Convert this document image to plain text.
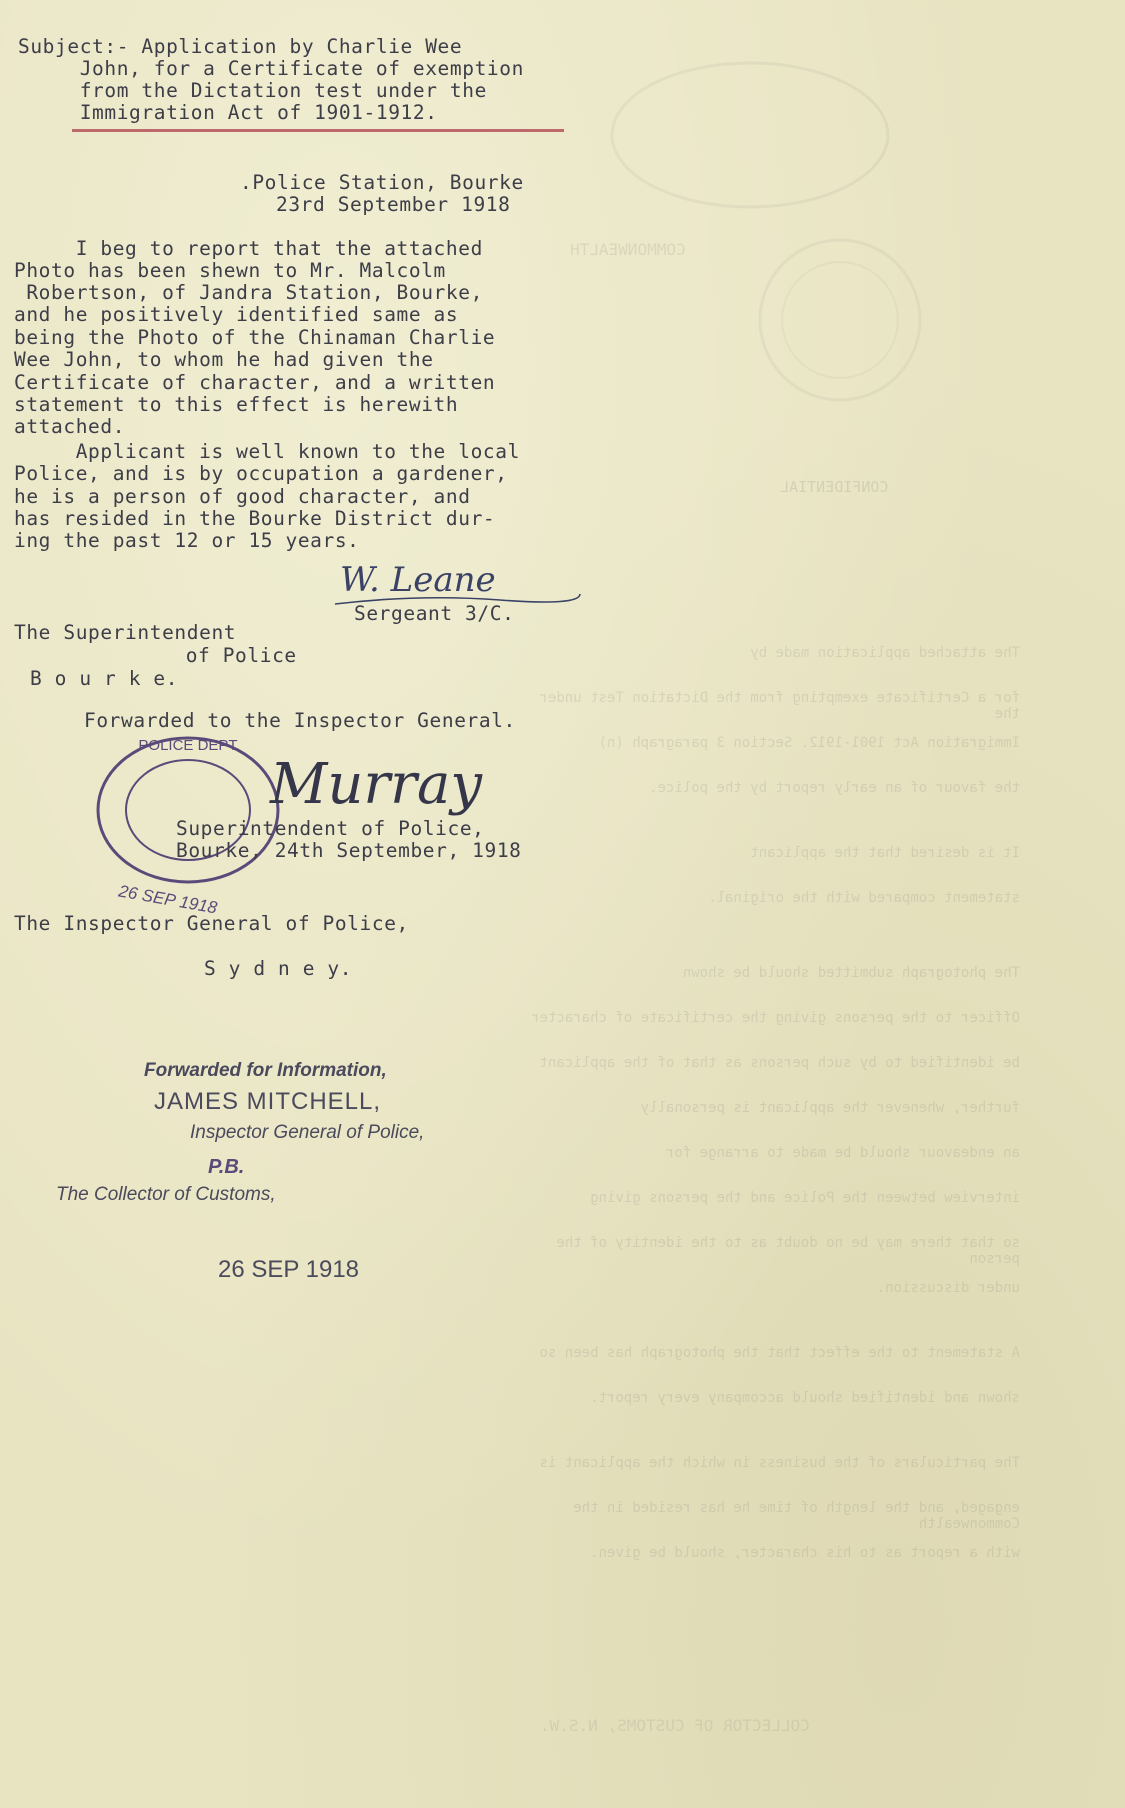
CONFIDENTIAL
COMMONWEALTH
The attached application made by
for a Certificate exempting from the Dictation Test under the
Immigration Act 1901-1912. Section 3 paragraph (n)
the favour of an early report by the police.
It is desired that the applicant
statement compared with the original.
The photograph submitted should be shown
Officer to the persons giving the certificate of character
be identified to by such persons as that of the applicant
further, whenever the applicant is personally
an endeavour should be made to arrange for
interview between the Police and the persons giving
so that there may be no doubt as to the identity of the person
under discussion.
A statement to the effect that the photograph has been so
shown and identified should accompany every report.
The particulars of the business in which the applicant is
engaged, and the length of time he has resided in the Commonwealth
with a report as to his character, should be given.
COLLECTOR OF CUSTOMS, N.S.W.
Subject:- Application by Charlie Wee
John, for a Certificate of exemption
from the Dictation test under the
Immigration Act of 1901-1912.
.Police Station, Bourke
23rd September 1918
I beg to report that the attached
Photo has been shewn to Mr. Malcolm
Robertson, of Jandra Station, Bourke,
and he positively identified same as
being the Photo of the Chinaman Charlie
Wee John, to whom he had given the
Certificate of character, and a written
statement to this effect is herewith
attached.
Applicant is well known to the local
Police, and is by occupation a gardener,
he is a person of good character, and
has resided in the Bourke District dur-
ing the past 12 or 15 years.
W. Leane
Sergeant 3/C.
The Superintendent
of Police
B o u r k e.
Forwarded to the Inspector General.
POLICE DEPT
Murray
Superintendent of Police,
Bourke, 24th September, 1918
26 SEP 1918
The Inspector General of Police,
S y d n e y.
Forwarded for Information,
JAMES MITCHELL,
Inspector General of Police,
P.B.
The Collector of Customs,
26 SEP 1918
